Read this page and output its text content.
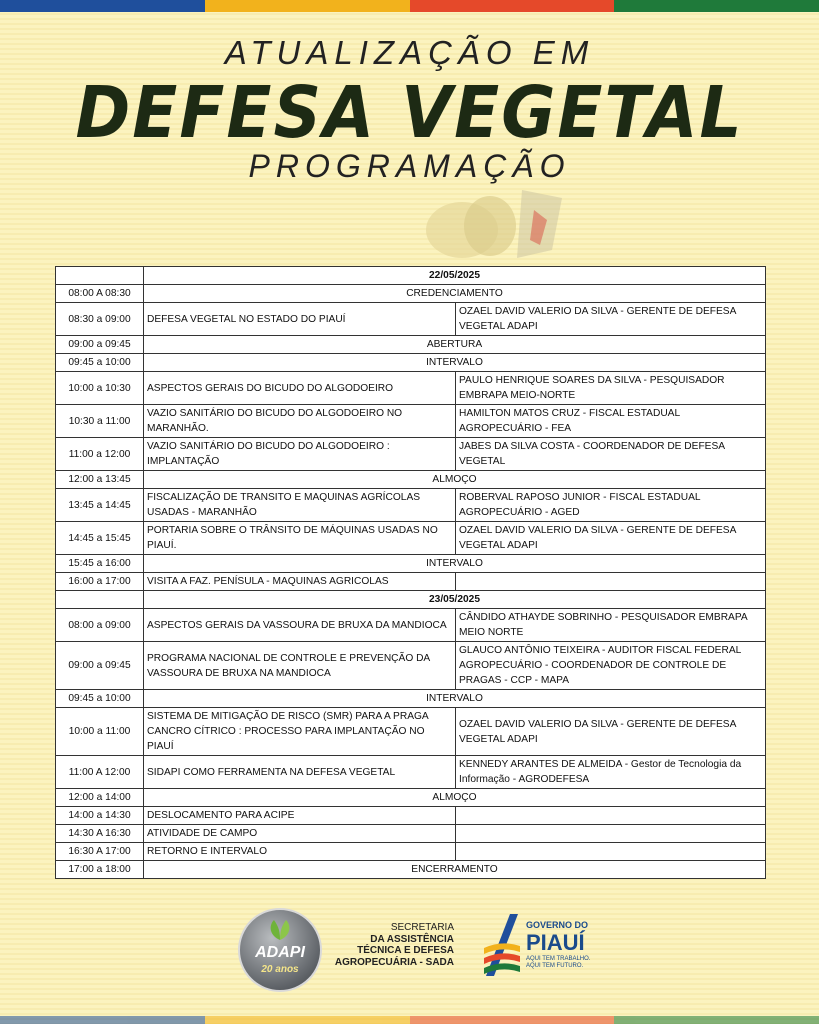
ATUALIZAÇÃO EM
DEFESA VEGETAL
PROGRAMAÇÃO
	22/05/2025	
08:00 A 08:30	CREDENCIAMENTO	
08:30 a 09:00	DEFESA VEGETAL NO ESTADO DO PIAUÍ	OZAEL DAVID VALERIO DA SILVA - GERENTE DE DEFESA VEGETAL ADAPI
09:00 a 09:45	ABERTURA	
09:45 a 10:00	INTERVALO	
10:00 a 10:30	ASPECTOS GERAIS DO BICUDO DO ALGODOEIRO	PAULO HENRIQUE SOARES DA SILVA - PESQUISADOR EMBRAPA MEIO-NORTE
10:30 a 11:00	VAZIO SANITÁRIO DO BICUDO DO ALGODOEIRO NO MARANHÃO.	HAMILTON MATOS CRUZ - FISCAL ESTADUAL AGROPECUÁRIO - FEA
11:00 a 12:00	VAZIO SANITÁRIO DO BICUDO DO ALGODOEIRO : IMPLANTAÇÃO	JABES DA SILVA COSTA - COORDENADOR DE DEFESA VEGETAL
12:00 a 13:45	ALMOÇO	
13:45 a 14:45	FISCALIZAÇÃO DE TRANSITO E MAQUINAS AGRÍCOLAS USADAS - MARANHÃO	ROBERVAL RAPOSO JUNIOR - FISCAL ESTADUAL AGROPECUÁRIO - AGED
14:45 a 15:45	PORTARIA SOBRE O TRÂNSITO DE MÁQUINAS USADAS NO PIAUÍ.	OZAEL DAVID VALERIO DA SILVA - GERENTE DE DEFESA VEGETAL ADAPI
15:45 a 16:00	INTERVALO	
16:00 a 17:00	VISITA A FAZ. PENÍSULA - MAQUINAS AGRICOLAS	
	23/05/2025	
08:00 a 09:00	ASPECTOS GERAIS DA VASSOURA DE BRUXA DA MANDIOCA	CÂNDIDO ATHAYDE SOBRINHO - PESQUISADOR EMBRAPA MEIO NORTE
09:00 a 09:45	PROGRAMA NACIONAL DE CONTROLE E PREVENÇÃO DA VASSOURA DE BRUXA NA MANDIOCA	GLAUCO ANTÔNIO TEIXEIRA - AUDITOR FISCAL FEDERAL AGROPECUÁRIO - COORDENADOR DE CONTROLE DE PRAGAS - CCP - MAPA
09:45 a 10:00	INTERVALO	
10:00 a 11:00	SISTEMA DE MITIGAÇÃO DE RISCO (SMR) PARA A PRAGA CANCRO CÍTRICO : PROCESSO PARA IMPLANTAÇÃO NO PIAUÍ	OZAEL DAVID VALERIO DA SILVA - GERENTE DE DEFESA VEGETAL ADAPI
11:00 A 12:00	SIDAPI COMO FERRAMENTA NA DEFESA VEGETAL	KENNEDY ARANTES DE ALMEIDA - Gestor de Tecnologia da Informação - AGRODEFESA
12:00 a 14:00	ALMOÇO	
14:00 a 14:30	DESLOCAMENTO PARA ACIPE	
14:30 A 16:30	ATIVIDADE DE CAMPO	
16:30 A 17:00	RETORNO E INTERVALO	
17:00 a 18:00	ENCERRAMENTO	
ADAPI
20 anos
SECRETARIA
DA ASSISTÊNCIA
TÉCNICA E DEFESA
AGROPECUÁRIA - SADA
GOVERNO DO
PIAUÍ
AQUI TEM TRABALHO.
AQUI TEM FUTURO.
